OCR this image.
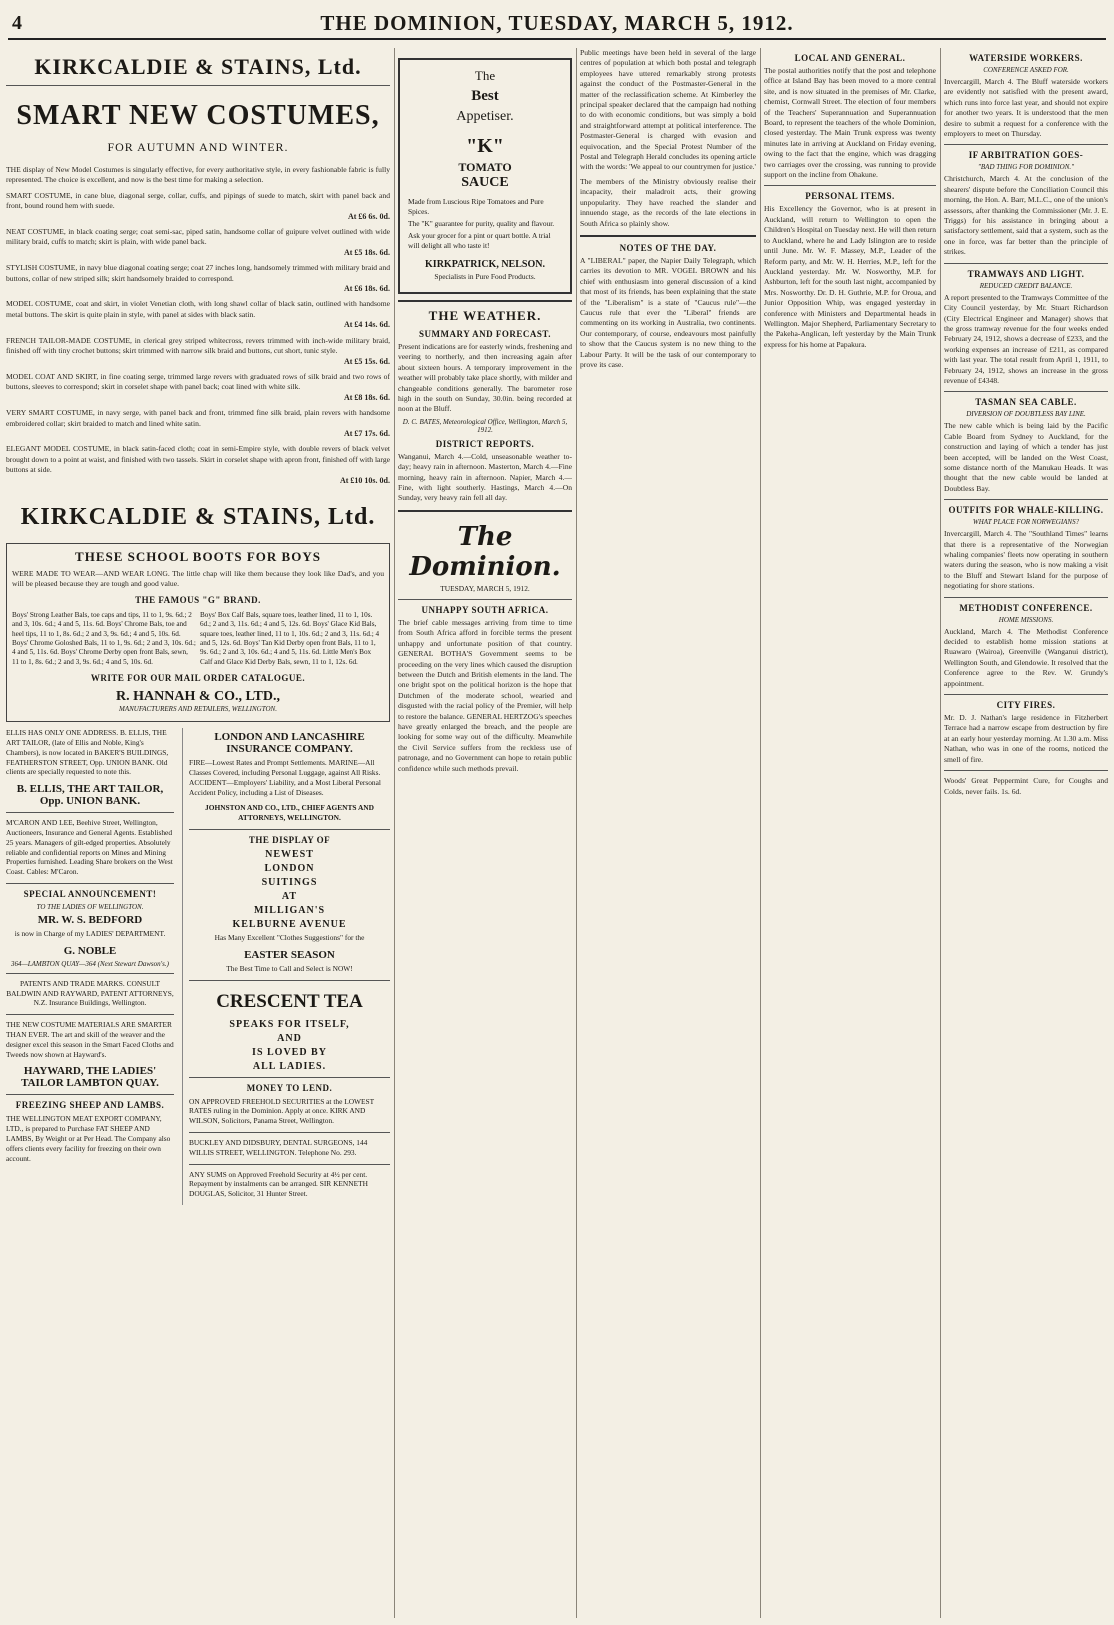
4	THE DOMINION, TUESDAY, MARCH 5, 1912.
KIRKCALDIE & STAINS, Ltd.
SMART NEW COSTUMES,
FOR AUTUMN AND WINTER.
THE display of New Model Costumes is singularly effective, for every authoritative style, in every fashionable fabric is fully represented. The choice is excellent, and now is the best time for making a selection.
SMART COSTUME, in cane blue, diagonal serge, collar, cuffs, and pipings of suede to match, skirt with panel back and front, bound round hem with suede.
At £6 6s. 0d.
NEAT COSTUME, in black coating serge; coat semi-sac, piped satin, handsome collar of guipure velvet outlined with wide military braid, cuffs to match; skirt is plain, with wide panel back.
At £5 18s. 6d.
STYLISH COSTUME, in navy blue diagonal coating serge; coat 27 inches long, handsomely trimmed with military braid and buttons, collar of new striped silk; skirt handsomely braided to correspond.
At £6 18s. 6d.
MODEL COSTUME, coat and skirt, in violet Venetian cloth, with long shawl collar of black satin, outlined with handsome metal buttons. The skirt is quite plain in style, with panel at sides with black satin.
At £4 14s. 6d.
FRENCH TAILOR-MADE COSTUME, in clerical grey striped whitecross, revers trimmed with inch-wide military braid, finished off with tiny crochet buttons; skirt trimmed with narrow silk braid and buttons, cut short, tunic style.
At £5 15s. 6d.
MODEL COAT AND SKIRT, in fine coating serge, trimmed large revers with graduated rows of silk braid and two rows of buttons, sleeves to correspond; skirt in corselet shape with panel back; coat lined with white silk.
At £8 18s. 6d.
VERY SMART COSTUME, in navy serge, with panel back and front, trimmed fine silk braid, plain revers with handsome embroidered collar; skirt braided to match and lined white satin.
At £7 17s. 6d.
ELEGANT MODEL COSTUME, in black satin-faced cloth; coat in semi-Empire style, with double revers of black velvet brought down to a point at waist, and finished with two tassels. Skirt in corselet shape with apron front, finished off with large buttons at side.
At £10 10s. 0d.
KIRKCALDIE & STAINS, Ltd.
THESE SCHOOL BOOTS FOR BOYS
WERE MADE TO WEAR—AND WEAR LONG. The little chap will like them because they look like Dad's, and you will be pleased because they are tough and good value.
THE FAMOUS "G" BRAND.
Boys' Strong Leather Bals, toe caps and tips, 11 to 1, 9s. 6d.; 2 and 3, 10s. 6d.; 4 and 5, 11s. 6d. Boys' Chrome Bals, toe and heel tips, 11 to 1, 8s. 6d.; 2 and 3, 9s. 6d.; 4 and 5, 10s. 6d. Boys' Chrome Goloshed Bals, 11 to 1, 9s. 6d.; 2 and 3, 10s. 6d.; 4 and 5, 11s. 6d. Boys' Chrome Derby open front Bals, sewn, 11 to 1, 8s. 6d.; 2 and 3, 9s. 6d.; 4 and 5, 10s. 6d.
Boys' Box Calf Bals, square toes, leather lined, 11 to 1, 10s. 6d.; 2 and 3, 11s. 6d.; 4 and 5, 12s. 6d. Boys' Glace Kid Bals, square toes, leather lined, 11 to 1, 10s. 6d.; 2 and 3, 11s. 6d.; 4 and 5, 12s. 6d. Boys' Tan Kid Derby open front Bals, 11 to 1, 9s. 6d.; 2 and 3, 10s. 6d.; 4 and 5, 11s. 6d. Little Men's Box Calf and Glace Kid Derby Bals, sewn, 11 to 1, 12s. 6d.
WRITE FOR OUR MAIL ORDER CATALOGUE.
R. HANNAH & CO., LTD.,
MANUFACTURERS AND RETAILERS, WELLINGTON.
ELLIS HAS ONLY ONE ADDRESS. B. ELLIS, THE ART TAILOR, (late of Ellis and Noble, King's Chambers), is now located in BAKER'S BUILDINGS, FEATHERSTON STREET, Opp. UNION BANK. Old clients are specially requested to note this.
B. ELLIS, THE ART TAILOR, Opp. UNION BANK.
M'CARON AND LEE, Beehive Street, Wellington, Auctioneers, Insurance and General Agents. Established 25 years. Managers of gilt-edged properties. Absolutely reliable and confidential reports on Mines and Mining Properties furnished. Leading Share brokers on the West Coast. Cables: M'Caron.
SPECIAL ANNOUNCEMENT!
TO THE LADIES OF WELLINGTON.
MR. W. S. BEDFORD
is now in Charge of my LADIES' DEPARTMENT.
G. NOBLE
364—LAMBTON QUAY—364 (Next Stewart Dawson's.)
PATENTS AND TRADE MARKS. CONSULT BALDWIN AND RAYWARD, PATENT ATTORNEYS, N.Z. Insurance Buildings, Wellington.
THE NEW COSTUME MATERIALS ARE SMARTER THAN EVER. The art and skill of the weaver and the designer excel this season in the Smart Faced Cloths and Tweeds now shown at Hayward's.
HAYWARD, THE LADIES' TAILOR LAMBTON QUAY.
FREEZING SHEEP AND LAMBS.
THE WELLINGTON MEAT EXPORT COMPANY, LTD., is prepared to Purchase FAT SHEEP AND LAMBS, By Weight or at Per Head. The Company also offers clients every facility for freezing on their own account.
LONDON AND LANCASHIRE INSURANCE COMPANY.
FIRE—Lowest Rates and Prompt Settlements. MARINE—All Classes Covered, including Personal Luggage, against All Risks. ACCIDENT—Employers' Liability, and a Most Liberal Personal Accident Policy, including a List of Diseases.
JOHNSTON AND CO., LTD., CHIEF AGENTS AND ATTORNEYS, WELLINGTON.
THE DISPLAY OF
NEWEST
LONDON
SUITINGS
AT
MILLIGAN'S
KELBURNE AVENUE
Has Many Excellent "Clothes Suggestions" for the
EASTER SEASON
The Best Time to Call and Select is NOW!
CRESCENT TEA
SPEAKS FOR ITSELF,
AND
IS LOVED BY
ALL LADIES.
MONEY TO LEND.
ON APPROVED FREEHOLD SECURITIES at the LOWEST RATES ruling in the Dominion. Apply at once. KIRK AND WILSON, Solicitors, Panama Street, Wellington.
BUCKLEY AND DIDSBURY, DENTAL SURGEONS, 144 WILLIS STREET, WELLINGTON. Telephone No. 293.
ANY SUMS on Approved Freehold Security at 4½ per cent. Repayment by instalments can be arranged. SIR KENNETH DOUGLAS, Solicitor, 31 Hunter Street.
The
Best
Appetiser.
"K"
TOMATO
SAUCE
Made from Luscious Ripe Tomatoes and Pure Spices.
The "K" guarantee for purity, quality and flavour.
Ask your grocer for a pint or quart bottle. A trial will delight all who taste it!
KIRKPATRICK, NELSON.
Specialists in Pure Food Products.
THE WEATHER.
SUMMARY AND FORECAST.
Present indications are for easterly winds, freshening and veering to northerly, and then increasing again after about sixteen hours. A temporary improvement in the weather will probably take place shortly, with milder and changeable conditions generally. The barometer rose high in the south on Sunday, 30.0in. being recorded at noon at the Bluff.
D. C. BATES, Meteorological Office, Wellington, March 5, 1912.
DISTRICT REPORTS.
Wanganui, March 4.—Cold, unseasonable weather to-day; heavy rain in afternoon. Masterton, March 4.—Fine morning, heavy rain in afternoon. Napier, March 4.—Fine, with light southerly. Hastings, March 4.—On Sunday, very heavy rain fell all day.
The Dominion.
TUESDAY, MARCH 5, 1912.
UNHAPPY SOUTH AFRICA.
The brief cable messages arriving from time to time from South Africa afford in forcible terms the present unhappy and unfortunate position of that country. GENERAL BOTHA'S Government seems to be proceeding on the very lines which caused the disruption between the Dutch and British elements in the land. The one bright spot on the political horizon is the hope that Dutchmen of the moderate school, wearied and disgusted with the racial policy of the Premier, will help to restore the balance. GENERAL HERTZOG's speeches have greatly enlarged the breach, and the people are looking for some way out of the difficulty. Meanwhile the Civil Service suffers from the reckless use of patronage, and no Government can hope to retain public confidence while such methods prevail.
Public meetings have been held in several of the large centres of population at which both postal and telegraph employees have uttered remarkably strong protests against the conduct of the Postmaster-General in the matter of the reclassification scheme. At Kimberley the principal speaker declared that the campaign had nothing to do with economic conditions, but was simply a bold and straightforward attempt at political interference. The Postmaster-General is charged with evasion and equivocation, and the Special Protest Number of the Postal and Telegraph Herald concludes its opening article with the words: 'We appeal to our countrymen for justice.'
The members of the Ministry obviously realise their incapacity, their maladroit acts, their growing unpopularity. They have reached the slander and innuendo stage, as the records of the late elections in South Africa so plainly show.
NOTES OF THE DAY.
A "LIBERAL" paper, the Napier Daily Telegraph, which carries its devotion to MR. VOGEL BROWN and his chief with enthusiasm into general discussion of a kind that most of its friends, has been explaining that the state of the "Liberalism" is a state of "Caucus rule"—the Caucus rule that ever the "Liberal" friends are commenting on its working in Australia, two continents. Our contemporary, of course, endeavours most painfully to show that the Caucus system is no new thing to the Labour Party. It will be the task of our contemporary to prove its case.
LOCAL AND GENERAL.
The postal authorities notify that the post and telephone office at Island Bay has been moved to a more central site, and is now situated in the premises of Mr. Clarke, chemist, Cornwall Street. The election of four members of the Teachers' Superannuation and Superannuation Board, to represent the teachers of the whole Dominion, closed yesterday. The Main Trunk express was twenty minutes late in arriving at Auckland on Friday evening, owing to the fact that the engine, which was dragging two carriages over the crossing, was running to provide support on the incline from Ohakune.
PERSONAL ITEMS.
His Excellency the Governor, who is at present in Auckland, will return to Wellington to open the Children's Hospital on Tuesday next. He will then return to Auckland, where he and Lady Islington are to reside until June. Mr. W. F. Massey, M.P., Leader of the Reform party, and Mr. W. H. Herries, M.P., left for the Auckland yesterday. Mr. W. Nosworthy, M.P. for Ashburton, left for the south last night, accompanied by Mrs. Nosworthy. Dr. D. H. Guthrie, M.P. for Oroua, and Junior Opposition Whip, was engaged yesterday in conference with Ministers and Departmental heads in Wellington. Major Shepherd, Parliamentary Secretary to the Pakeha-Anglican, left yesterday by the Main Trunk express for his home at Papakura.
WATERSIDE WORKERS.
CONFERENCE ASKED FOR.
Invercargill, March 4. The Bluff waterside workers are evidently not satisfied with the present award, which runs into force last year, and should not expire for another two years. It is understood that the men desire to submit a request for a conference with the employers to meet on Thursday.
IF ARBITRATION GOES-
"BAD THING FOR DOMINION."
Christchurch, March 4. At the conclusion of the shearers' dispute before the Conciliation Council this morning, the Hon. A. Barr, M.L.C., one of the union's assessors, after thanking the Commissioner (Mr. J. E. Triggs) for his assistance in bringing about a satisfactory settlement, said that a system, such as the one in force, was far better than the principle of strikes.
TRAMWAYS AND LIGHT.
REDUCED CREDIT BALANCE.
A report presented to the Tramways Committee of the City Council yesterday, by Mr. Stuart Richardson (City Electrical Engineer and Manager) shows that the gross tramway revenue for the four weeks ended February 24, 1912, shows a decrease of £233, and the working expenses an increase of £211, as compared with last year. The total result from April 1, 1911, to February 24, 1912, shows an increase in the gross revenue of £4348.
TASMAN SEA CABLE.
DIVERSION OF DOUBTLESS BAY LINE.
The new cable which is being laid by the Pacific Cable Board from Sydney to Auckland, for the construction and laying of which a tender has just been accepted, will be landed on the West Coast, some distance north of the Manukau Heads. It was thought that the new cable would be landed at Doubtless Bay.
OUTFITS FOR WHALE-KILLING.
WHAT PLACE FOR NORWEGIANS?
Invercargill, March 4. The "Southland Times" learns that there is a representative of the Norwegian whaling companies' fleets now operating in southern waters during the season, who is now making a visit to the Bluff and Stewart Island for the purpose of negotiating for shore stations.
METHODIST CONFERENCE.
HOME MISSIONS.
Auckland, March 4. The Methodist Conference decided to establish home mission stations at Ruawaro (Wairoa), Greenville (Wanganui district), Wellington South, and Glendowie. It resolved that the Conference agree to the Rev. W. Grundy's appointment.
CITY FIRES.
Mr. D. J. Nathan's large residence in Fitzherbert Terrace had a narrow escape from destruction by fire at an early hour yesterday morning. At 1.30 a.m. Miss Nathan, who was in one of the rooms, noticed the smell of fire.
Woods' Great Peppermint Cure, for Coughs and Colds, never fails. 1s. 6d.
